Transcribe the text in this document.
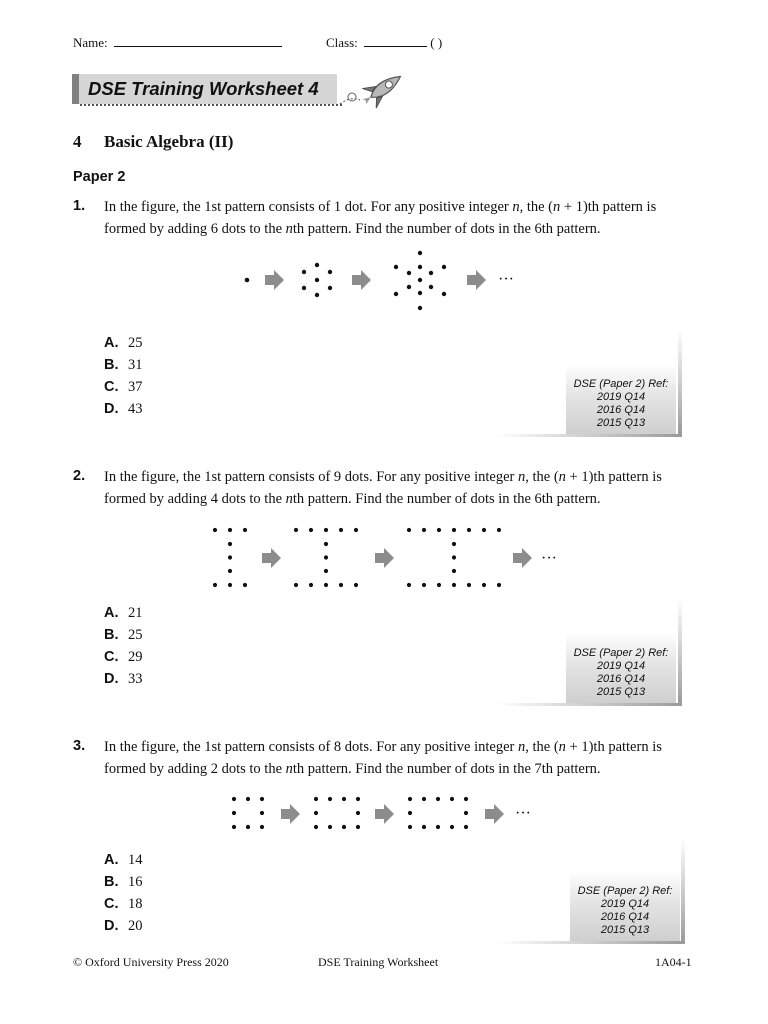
Name:	Class:	( )
DSE Training Worksheet 4
4 Basic Algebra (II)
Paper 2
1. In the figure, the 1st pattern consists of 1 dot. For any positive integer n, the (n + 1)th pattern is formed by adding 6 dots to the nth pattern. Find the number of dots in the 6th pattern.
···
A. 25
B. 31
C. 37
D. 43
DSE (Paper 2) Ref:
2019 Q14
2016 Q14
2015 Q13
2. In the figure, the 1st pattern consists of 9 dots. For any positive integer n, the (n + 1)th pattern is formed by adding 4 dots to the nth pattern. Find the number of dots in the 6th pattern.
···
A. 21
B. 25
C. 29
D. 33
DSE (Paper 2) Ref:
2019 Q14
2016 Q14
2015 Q13
3. In the figure, the 1st pattern consists of 8 dots. For any positive integer n, the (n + 1)th pattern is formed by adding 2 dots to the nth pattern. Find the number of dots in the 7th pattern.
···
A. 14
B. 16
C. 18
D. 20
DSE (Paper 2) Ref:
2019 Q14
2016 Q14
2015 Q13
© Oxford University Press 2020	DSE Training Worksheet	1A04-1
